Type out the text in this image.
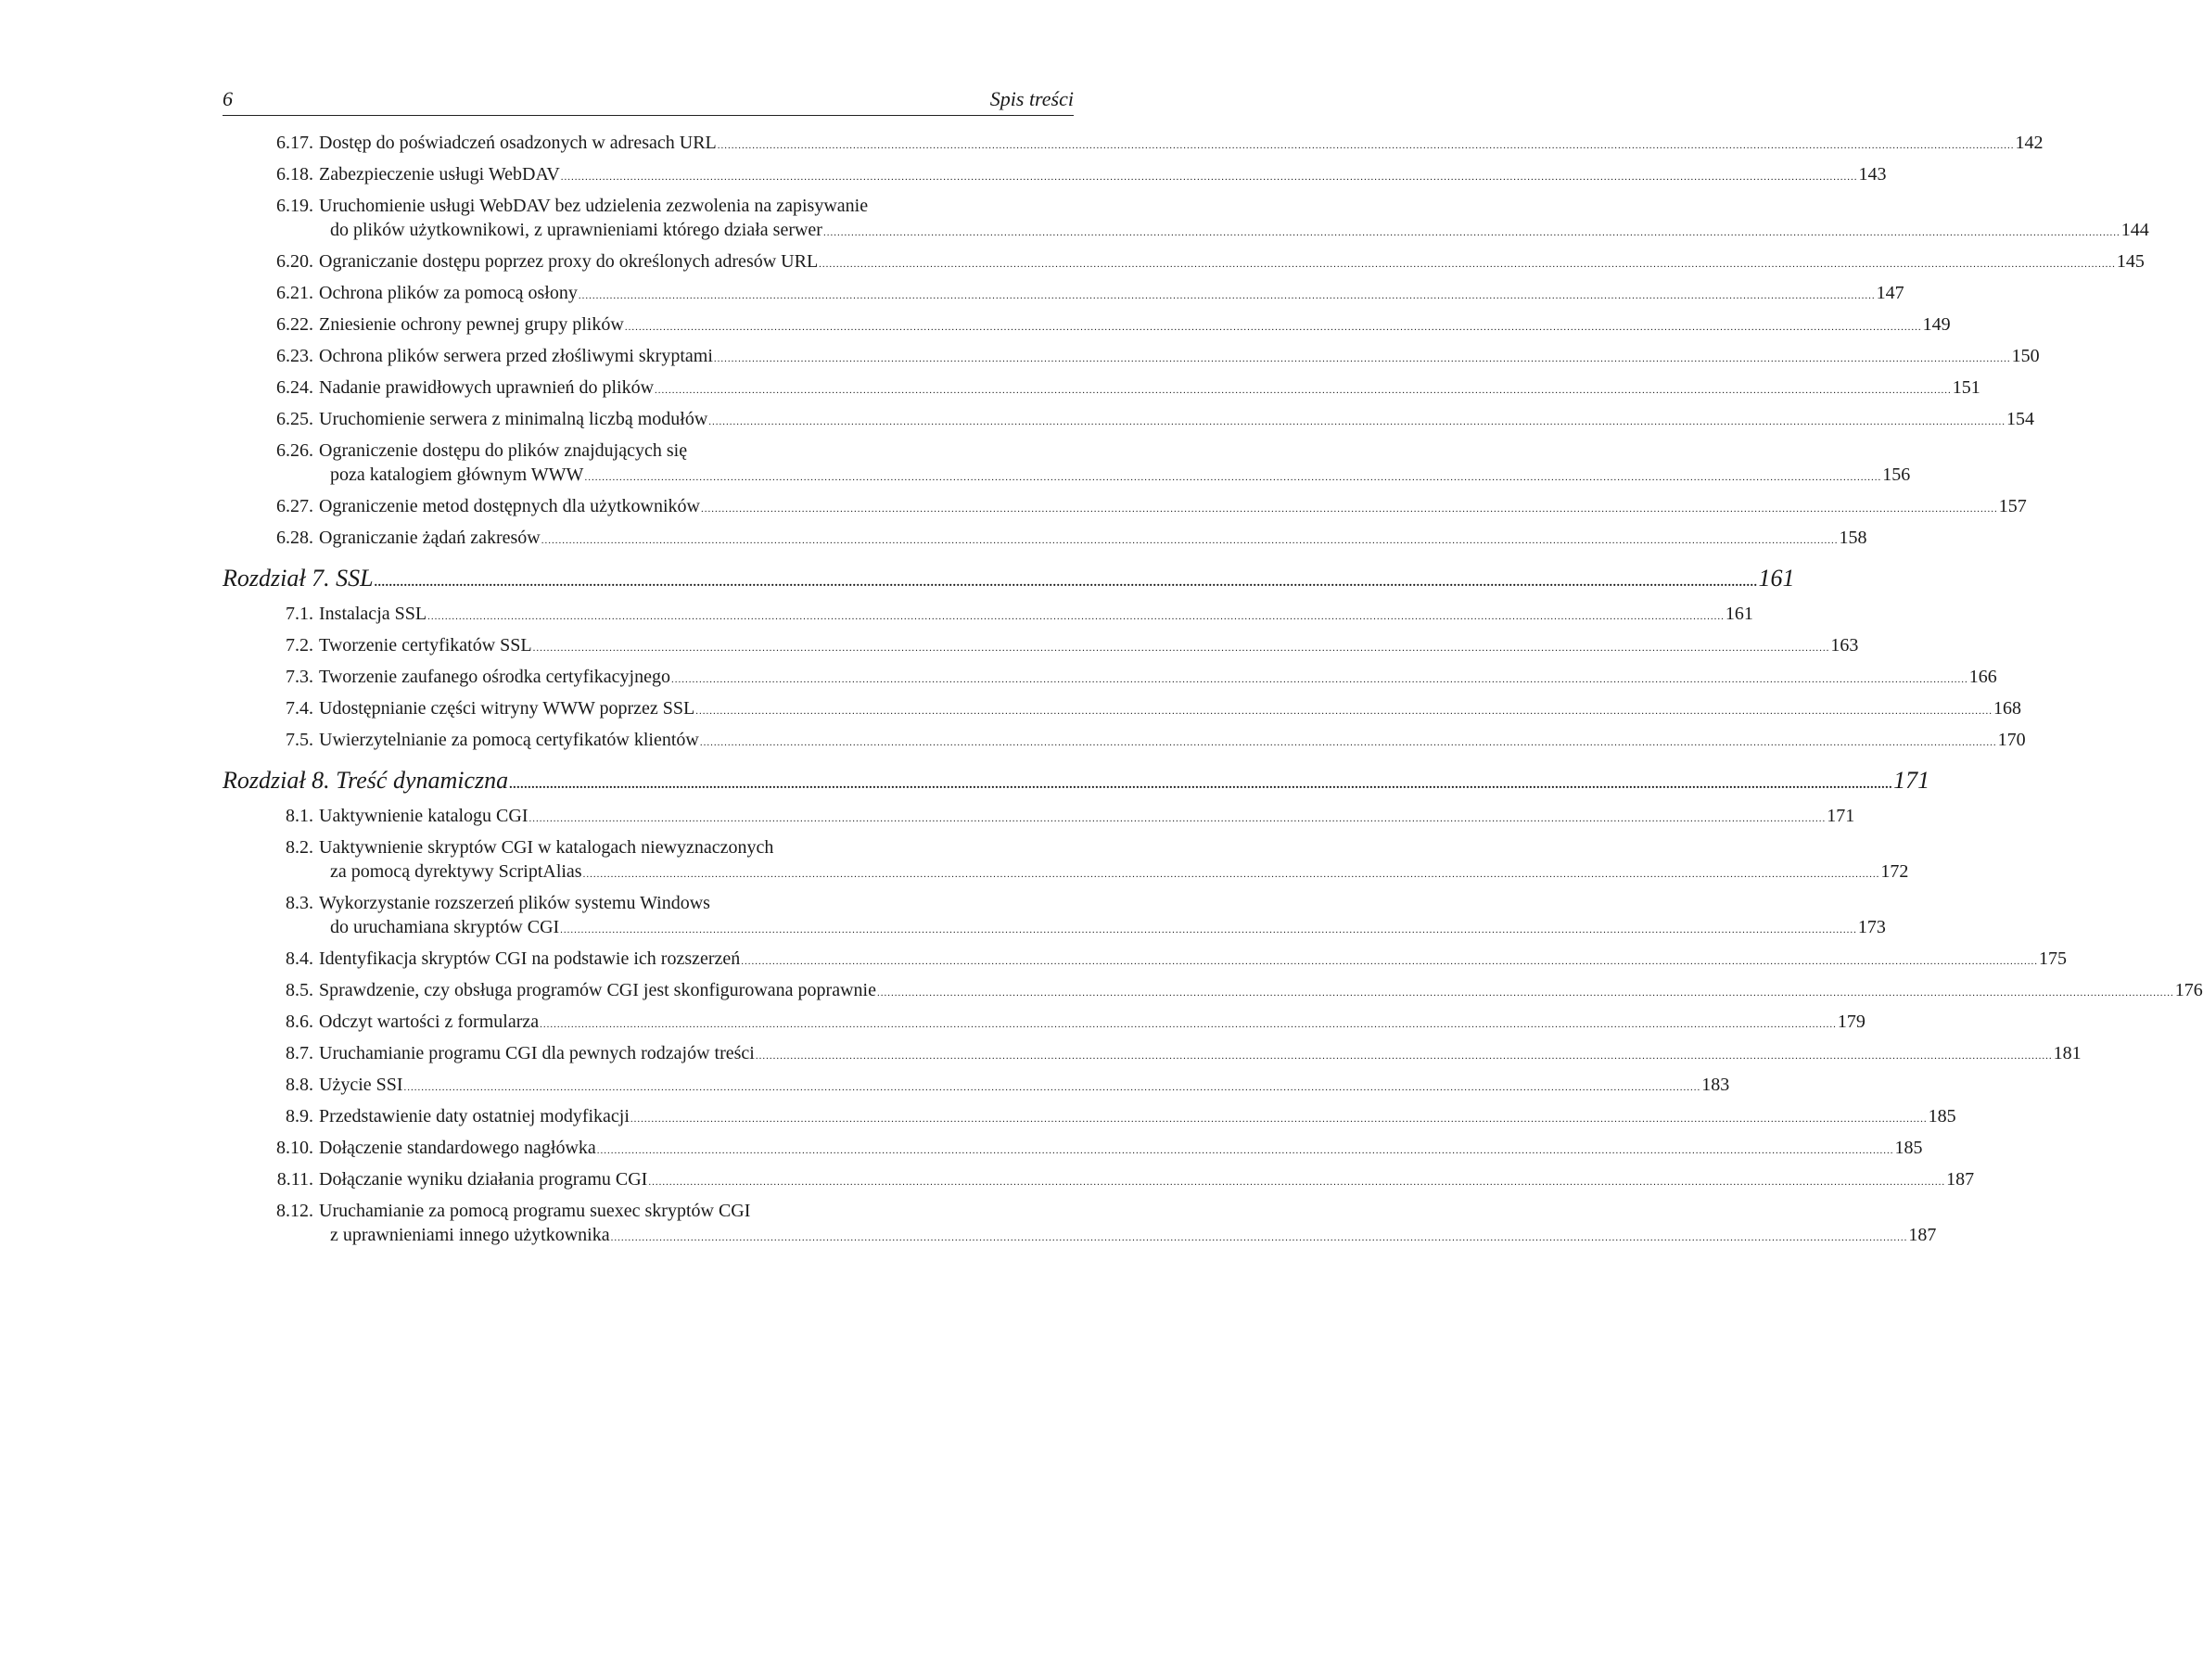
6	Spis treści
6.17. Dostęp do poświadczeń osadzonych w adresach URL .....	142
6.18. Zabezpieczenie usługi WebDAV .....	143
6.19. Uruchomienie usługi WebDAV bez udzielenia zezwolenia na zapisywanie
do plików użytkownikowi, z uprawnieniami którego działa serwer .....	144
6.20. Ograniczanie dostępu poprzez proxy do określonych adresów URL .....	145
6.21. Ochrona plików za pomocą osłony .....	147
6.22. Zniesienie ochrony pewnej grupy plików .....	149
6.23. Ochrona plików serwera przed złośliwymi skryptami .....	150
6.24. Nadanie prawidłowych uprawnień do plików .....	151
6.25. Uruchomienie serwera z minimalną liczbą modułów .....	154
6.26. Ograniczenie dostępu do plików znajdujących się
poza katalogiem głównym WWW .....	156
6.27. Ograniczenie metod dostępnych dla użytkowników .....	157
6.28. Ograniczanie żądań zakresów .....	158
Rozdział 7. SSL .....	161
7.1. Instalacja SSL .....	161
7.2. Tworzenie certyfikatów SSL .....	163
7.3. Tworzenie zaufanego ośrodka certyfikacyjnego .....	166
7.4. Udostępnianie części witryny WWW poprzez SSL .....	168
7.5. Uwierzytelnianie za pomocą certyfikatów klientów .....	170
Rozdział 8. Treść dynamiczna .....	171
8.1. Uaktywnienie katalogu CGI .....	171
8.2. Uaktywnienie skryptów CGI w katalogach niewyznaczonych
za pomocą dyrektywy ScriptAlias .....	172
8.3. Wykorzystanie rozszerzeń plików systemu Windows
do uruchamiana skryptów CGI .....	173
8.4. Identyfikacja skryptów CGI na podstawie ich rozszerzeń .....	175
8.5. Sprawdzenie, czy obsługa programów CGI jest skonfigurowana poprawnie .....	176
8.6. Odczyt wartości z formularza .....	179
8.7. Uruchamianie programu CGI dla pewnych rodzajów treści .....	181
8.8. Użycie SSI .....	183
8.9. Przedstawienie daty ostatniej modyfikacji .....	185
8.10. Dołączenie standardowego nagłówka .....	185
8.11. Dołączanie wyniku działania programu CGI .....	187
8.12. Uruchamianie za pomocą programu suexec skryptów CGI
z uprawnieniami innego użytkownika .....	187
